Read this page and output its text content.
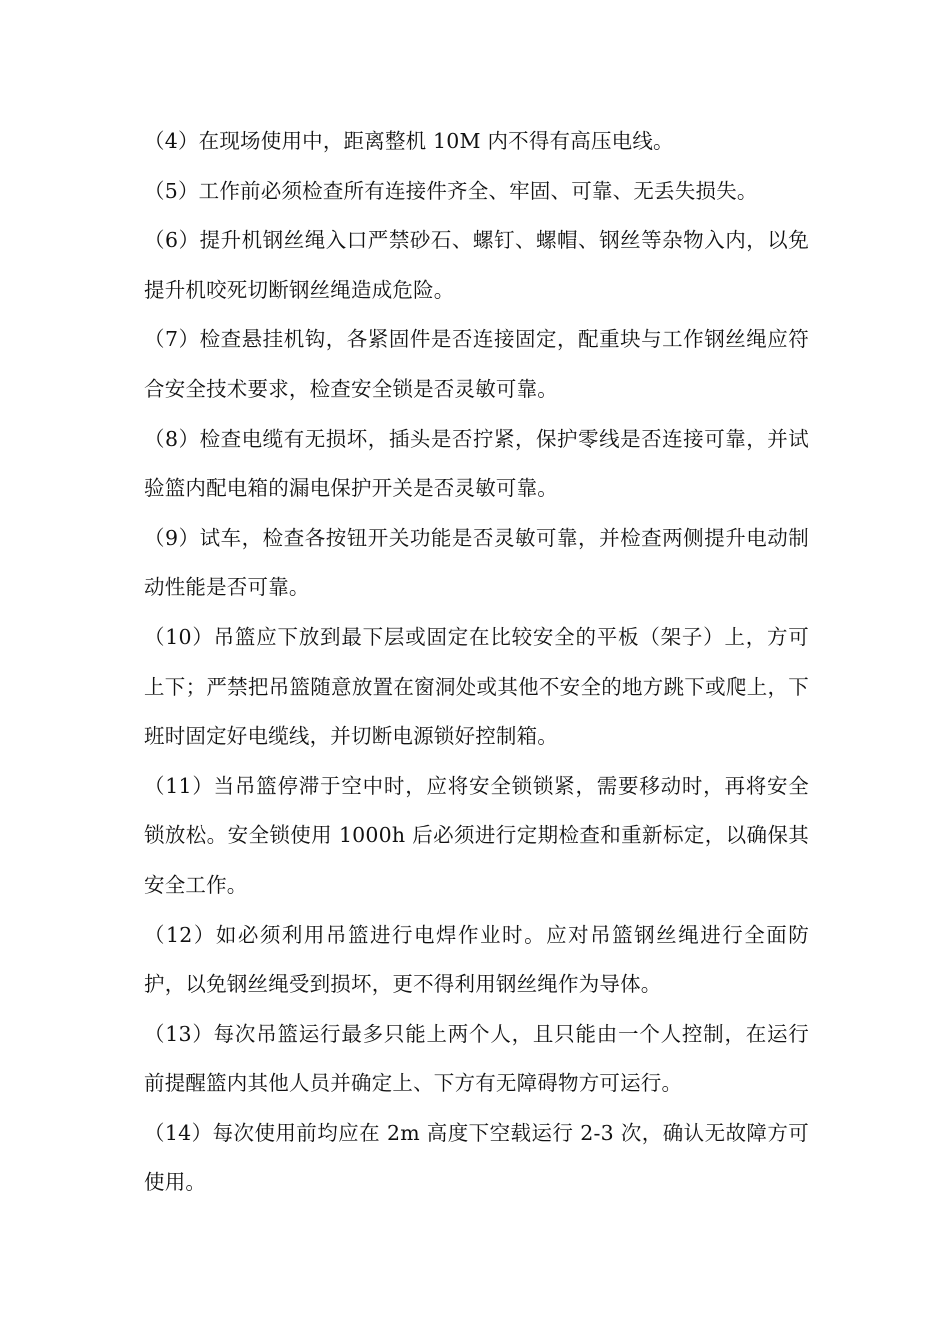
（4）在现场使用中，距离整机 10M 内不得有高压电线。

（5）工作前必须检查所有连接件齐全、牢固、可靠、无丢失损失。

（6）提升机钢丝绳入口严禁砂石、螺钉、螺帽、钢丝等杂物入内，以免提升机咬死切断钢丝绳造成危险。

（7）检查悬挂机钩，各紧固件是否连接固定，配重块与工作钢丝绳应符合安全技术要求，检查安全锁是否灵敏可靠。

（8）检查电缆有无损坏，插头是否拧紧，保护零线是否连接可靠，并试验篮内配电箱的漏电保护开关是否灵敏可靠。

（9）试车，检查各按钮开关功能是否灵敏可靠，并检查两侧提升电动制动性能是否可靠。

（10）吊篮应下放到最下层或固定在比较安全的平板（架子）上，方可上下；严禁把吊篮随意放置在窗洞处或其他不安全的地方跳下或爬上，下班时固定好电缆线，并切断电源锁好控制箱。

（11）当吊篮停滞于空中时，应将安全锁锁紧，需要移动时，再将安全锁放松。安全锁使用 1000h 后必须进行定期检查和重新标定，以确保其安全工作。

（12）如必须利用吊篮进行电焊作业时。应对吊篮钢丝绳进行全面防护，以免钢丝绳受到损坏，更不得利用钢丝绳作为导体。

（13）每次吊篮运行最多只能上两个人，且只能由一个人控制，在运行前提醒篮内其他人员并确定上、下方有无障碍物方可运行。

（14）每次使用前均应在 2m 高度下空载运行 2-3 次，确认无故障方可使用。
